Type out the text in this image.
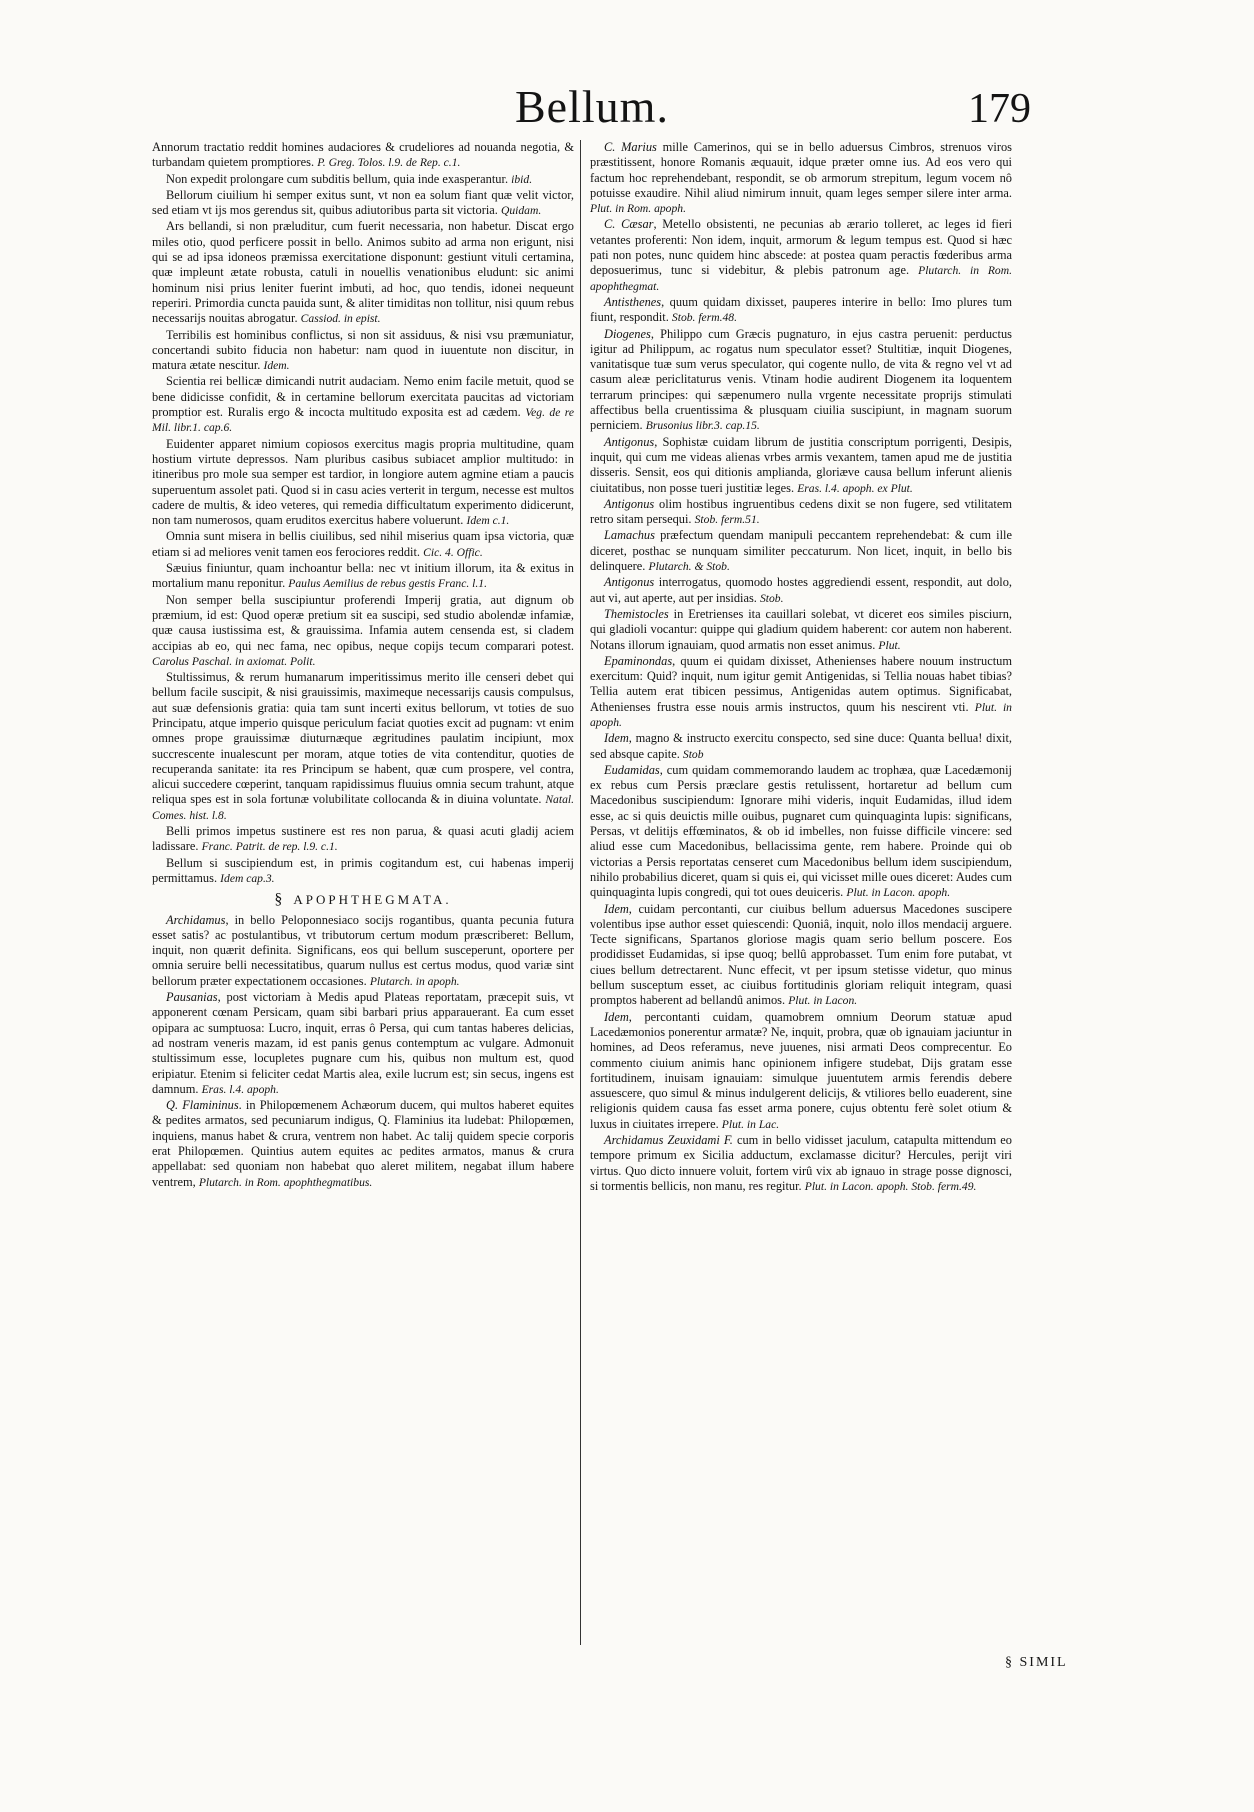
Bellum.	179

Annorum tractatio reddit homines audaciores & crudeliores ad nouanda negotia, & turbandam quietem promptiores. P. Greg. Tolos. l.9. de Rep. c.1.

Non expedit prolongare cum subditis bellum, quia inde exasperantur. ibid.

Bellorum ciuilium hi semper exitus sunt, vt non ea solum fiant quæ velit victor, sed etiam vt ijs mos gerendus sit, quibus adiutoribus parta sit victoria. Quidam.

Ars bellandi, si non præluditur, cum fuerit necessaria, non habetur. Discat ergo miles otio, quod perficere possit in bello. Animos subito ad arma non erigunt, nisi qui se ad ipsa idoneos præmissa exercitatione disponunt: gestiunt vituli certamina, quæ impleunt ætate robusta, catuli in nouellis venationibus eludunt: sic animi hominum nisi prius leniter fuerint imbuti, ad hoc, quo tendis, idonei nequeunt reperiri. Primordia cuncta pauida sunt, & aliter timiditas non tollitur, nisi quum rebus necessarijs nouitas abrogatur. Cassiod. in epist.

Terribilis est hominibus conflictus, si non sit assiduus, & nisi vsu præmuniatur, concertandi subito fiducia non habetur: nam quod in iuuentute non discitur, in matura ætate nescitur. Idem.

Scientia rei bellicæ dimicandi nutrit audaciam. Nemo enim facile metuit, quod se bene didicisse confidit, & in certamine bellorum exercitata paucitas ad victoriam promptior est. Ruralis ergo & incocta multitudo exposita est ad cædem. Veg. de re Mil. libr.1. cap.6.

Euidenter apparet nimium copiosos exercitus magis propria multitudine, quam hostium virtute depressos. Nam pluribus casibus subiacet amplior multitudo: in itineribus pro mole sua semper est tardior, in longiore autem agmine etiam a paucis superuentum assolet pati. Quod si in casu acies verterit in tergum, necesse est multos cadere de multis, & ideo veteres, qui remedia difficultatum experimento didicerunt, non tam numerosos, quam eruditos exercitus habere voluerunt. Idem c.1.

Omnia sunt misera in bellis ciuilibus, sed nihil miserius quam ipsa victoria, quæ etiam si ad meliores venit tamen eos ferociores reddit. Cic. 4. Offic.

Sæuius finiuntur, quam inchoantur bella: nec vt initium illorum, ita & exitus in mortalium manu reponitur. Paulus Aemilius de rebus gestis Franc. l.1.

Non semper bella suscipiuntur proferendi Imperij gratia, aut dignum ob præmium, id est: Quod operæ pretium sit ea suscipi, sed studio abolendæ infamiæ, quæ causa iustissima est, & grauissima. Infamia autem censenda est, si cladem accipias ab eo, qui nec fama, nec opibus, neque copijs tecum comparari potest. Carolus Paschal. in axiomat. Polit.

Stultissimus, & rerum humanarum imperitissimus merito ille censeri debet qui bellum facile suscipit, & nisi grauissimis, maximeque necessarijs causis compulsus, aut suæ defensionis gratia: quia tam sunt incerti exitus bellorum, vt toties de suo Principatu, atque imperio quisque periculum faciat quoties excit ad pugnam: vt enim omnes prope grauissimæ diuturnæque ægritudines paulatim incipiunt, mox succrescente inualescunt per moram, atque toties de vita contenditur, quoties de recuperanda sanitate: ita res Principum se habent, quæ cum prospere, vel contra, alicui succedere cœperint, tanquam rapidissimus fluuius omnia secum trahunt, atque reliqua spes est in sola fortunæ volubilitate collocanda & in diuina voluntate. Natal. Comes. hist. l.8.

Belli primos impetus sustinere est res non parua, & quasi acuti gladij aciem ladissare. Franc. Patrit. de rep. l.9. c.1.

Bellum si suscipiendum est, in primis cogitandum est, cui habenas imperij permittamus. Idem cap.3.

§ APOPHTHEGMATA.

Archidamus, in bello Peloponnesiaco socijs rogantibus, quanta pecunia futura esset satis? ac postulantibus, vt tributorum certum modum præscriberet: Bellum, inquit, non quærit definita. Significans, eos qui bellum susceperunt, oportere per omnia seruire belli necessitatibus, quarum nullus est certus modus, quod variæ sint bellorum præter expectationem occasiones. Plutarch. in apoph.

Pausanias, post victoriam à Medis apud Plateas reportatam, præcepit suis, vt apponerent cœnam Persicam, quam sibi barbari prius apparauerant. Ea cum esset opipara ac sumptuosa: Lucro, inquit, erras ô Persa, qui cum tantas haberes delicias, ad nostram veneris mazam, id est panis genus contemptum ac vulgare. Admonuit stultissimum esse, locupletes pugnare cum his, quibus non multum est, quod eripiatur. Etenim si feliciter cedat Martis alea, exile lucrum est; sin secus, ingens est damnum. Eras. l.4. apoph.

Q. Flamininus. in Philopœmenem Achæorum ducem, qui multos haberet equites & pedites armatos, sed pecuniarum indigus, Q. Flaminius ita ludebat: Philopœmen, inquiens, manus habet & crura, ventrem non habet. Ac talij quidem specie corporis erat Philopœmen. Quintius autem equites ac pedites armatos, manus & crura appellabat: sed quoniam non habebat quo aleret militem, negabat illum habere ventrem, Plutarch. in Rom. apophthegmatibus.

C. Marius mille Camerinos, qui se in bello aduersus Cimbros, strenuos viros præstitissent, honore Romanis æquauit, idque præter omne ius. Ad eos vero qui factum hoc reprehendebant, respondit, se ob armorum strepitum, legum vocem nô potuisse exaudire. Nihil aliud nimirum innuit, quam leges semper silere inter arma. Plut. in Rom. apoph.

C. Cæsar, Metello obsistenti, ne pecunias ab ærario tolleret, ac leges id fieri vetantes proferenti: Non idem, inquit, armorum & legum tempus est. Quod si hæc pati non potes, nunc quidem hinc abscede: at postea quam peractis fœderibus arma deposuerimus, tunc si videbitur, & plebis patronum age. Plutarch. in Rom. apophthegmat.

Antisthenes, quum quidam dixisset, pauperes interire in bello: Imo plures tum fiunt, respondit. Stob. ferm.48.

Diogenes, Philippo cum Græcis pugnaturo, in ejus castra peruenit: perductus igitur ad Philippum, ac rogatus num speculator esset? Stultitiæ, inquit Diogenes, vanitatisque tuæ sum verus speculator, qui cogente nullo, de vita & regno vel vt ad casum aleæ periclitaturus venis. Vtinam hodie audirent Diogenem ita loquentem terrarum principes: qui sæpenumero nulla vrgente necessitate proprijs stimulati affectibus bella cruentissima & plusquam ciuilia suscipiunt, in magnam suorum perniciem. Brusonius libr.3. cap.15.

Antigonus, Sophistæ cuidam librum de justitia conscriptum porrigenti, Desipis, inquit, qui cum me videas alienas vrbes armis vexantem, tamen apud me de justitia disseris. Sensit, eos qui ditionis amplianda, gloriæve causa bellum inferunt alienis ciuitatibus, non posse tueri justitiæ leges. Eras. l.4. apoph. ex Plut.

Antigonus olim hostibus ingruentibus cedens dixit se non fugere, sed vtilitatem retro sitam persequi. Stob. ferm.51.

Lamachus præfectum quendam manipuli peccantem reprehendebat: & cum ille diceret, posthac se nunquam similiter peccaturum. Non licet, inquit, in bello bis delinquere. Plutarch. & Stob.

Antigonus interrogatus, quomodo hostes aggrediendi essent, respondit, aut dolo, aut vi, aut aperte, aut per insidias. Stob.

Themistocles in Eretrienses ita cauillari solebat, vt diceret eos similes pisciurn, qui gladioli vocantur: quippe qui gladium quidem haberent: cor autem non haberent. Notans illorum ignauiam, quod armatis non esset animus. Plut.

Epaminondas, quum ei quidam dixisset, Athenienses habere nouum instructum exercitum: Quid? inquit, num igitur gemit Antigenidas, si Tellia nouas habet tibias? Tellia autem erat tibicen pessimus, Antigenidas autem optimus. Significabat, Athenienses frustra esse nouis armis instructos, quum his nescirent vti. Plut. in apoph.

Idem, magno & instructo exercitu conspecto, sed sine duce: Quanta bellua! dixit, sed absque capite. Stob

Eudamidas, cum quidam commemorando laudem ac trophæa, quæ Lacedæmonij ex rebus cum Persis præclare gestis retulissent, hortaretur ad bellum cum Macedonibus suscipiendum: Ignorare mihi videris, inquit Eudamidas, illud idem esse, ac si quis deuictis mille ouibus, pugnaret cum quinquaginta lupis: significans, Persas, vt delitijs effœminatos, & ob id imbelles, non fuisse difficile vincere: sed aliud esse cum Macedonibus, bellacissima gente, rem habere. Proinde qui ob victorias a Persis reportatas censeret cum Macedonibus bellum idem suscipiendum, nihilo probabilius diceret, quam si quis ei, qui vicisset mille oues diceret: Audes cum quinquaginta lupis congredi, qui tot oues deuiceris. Plut. in Lacon. apoph.

Idem, cuidam percontanti, cur ciuibus bellum aduersus Macedones suscipere volentibus ipse author esset quiescendi: Quoniâ, inquit, nolo illos mendacij arguere. Tecte significans, Spartanos gloriose magis quam serio bellum poscere. Eos prodidisset Eudamidas, si ipse quoq; bellû approbasset. Tum enim fore putabat, vt ciues bellum detrectarent. Nunc effecit, vt per ipsum stetisse videtur, quo minus bellum susceptum esset, ac ciuibus fortitudinis gloriam reliquit integram, quasi promptos haberent ad bellandû animos. Plut. in Lacon.

Idem, percontanti cuidam, quamobrem omnium Deorum statuæ apud Lacedæmonios ponerentur armatæ? Ne, inquit, probra, quæ ob ignauiam jaciuntur in homines, ad Deos referamus, neve juuenes, nisi armati Deos comprecentur. Eo commento ciuium animis hanc opinionem infigere studebat, Dijs gratam esse fortitudinem, inuisam ignauiam: simulque juuentutem armis ferendis debere assuescere, quo simul & minus indulgerent delicijs, & vtiliores bello euaderent, sine religionis quidem causa fas esset arma ponere, cujus obtentu ferè solet otium & luxus in ciuitates irrepere. Plut. in Lac.

Archidamus Zeuxidami F. cum in bello vidisset jaculum, catapulta mittendum eo tempore primum ex Sicilia adductum, exclamasse dicitur? Hercules, perijt viri virtus. Quo dicto innuere voluit, fortem virû vix ab ignauo in strage posse dignosci, si tormentis bellicis, non manu, res regitur. Plut. in Lacon. apoph. Stob. ferm.49.

§ SIMIL
